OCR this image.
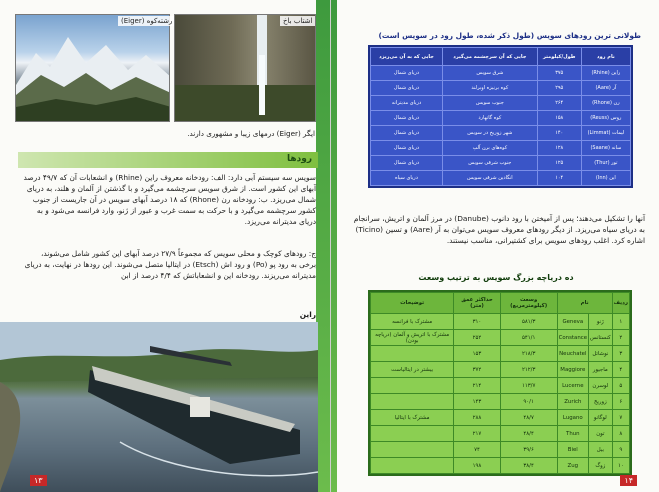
(Eiger) رشته‌کوه	اشتاب باخ
ایگر (Eiger) درمهای زیبا و مشهوری دارند.
رودها
سویس سه سیستم آبی دارد: الف: رودخانه معروف راین (Rhine) و انشعابات آن که ۴۹/۷ درصد آبهای این کشور است. از شرق سویس سرچشمه می‌گیرد و با گذشتن از آلمان و هلند، به دریای شمال می‌ریزد. ب: رودخانه رن (Rhone) که ۱۸ درصد آبهای سویس در آن جاریست از جنوب کشور سرچشمه می‌گیرد و با حرکت به سمت غرب و عبور از ژنو، وارد فرانسه می‌شود و به دریای مدیترانه می‌ریزد.
ج: رودهای کوچک و محلی سویس که مجموعاً ۲۷/۹ درصد آبهای این کشور شامل می‌شوند، برخی به رود پو (Po) و رود اش (Etsch) در ایتالیا متصل می‌شوند. این رودها در نهایت، به دریای مدیترانه می‌ریزند. رودخانه این و انشعاباتش که ۴/۴ درصد از ابن
راین
۱۳
طولانی ترین رودهای سویس (طول ذکر شده، طول رود در سویس است)
نام رود	طول/کیلومتر	جایی که آن سرچشمه می‌گیرد	جایی که به آن می‌ریزد
راین (Rhine)	۳۷۵	شرق سویس	دریای شمال
آر (Aare)	۲۹۵	کوه برنیزه اوبرلند	دریای شمال
رن (Rhone)	۲۶۴	جنوب سویس	دریای مدیترانه
روس (Reuss)	۱۵۸	کوه گاتهارد	دریای شمال
لیمات (Limmat)	۱۴۰	شهر زوریخ در سویس	دریای شمال
سانه (Saane)	۱۲۸	کوه‌های برن آلپ	دریای شمال
تور (Thur)	۱۲۵	جنوب شرقی سویس	دریای شمال
این (Inn)	۱۰۴	انگادین شرقی سویس	دریای سیاه
آنها را تشکیل می‌دهند؛ پس از آمیختن با رود دانوب (Danube) در مرز آلمان و اتریش، سرانجام به دریای سیاه می‌ریزد. از دیگر رودهای معروف سویس می‌توان به آر (Aare) و تسین (Ticino) اشاره کرد. اغلب رودهای سویس برای کشتیرانی، مناسب نیستند.
ده دریاچه بزرگ سویس به ترتیب وسعت
ردیف	نام		وسعت (کیلومترمربع)	حداکثر عمق (متر)	توضیحات
۱	ژنو	Geneva	۵۸۱/۳	۳۱۰	مشترک با فرانسه
۲	کنستانس	Constance	۵۴۱/۱	۲۵۲	مشترک با اتریش و آلمان (دریاچه بودن)
۳	نوشاتل	Neuchatel	۲۱۸/۳	۱۵۳	
۴	ماجیور	Maggiore	۲۱۲/۳	۳۷۲	بیشتر در ایتالیاست
۵	لوسرن	Lucerne	۱۱۳/۷	۲۱۴	
۶	زوریخ	Zurich	۹۰/۱	۱۴۳	
۷	لوگانو	Lugano	۴۸/۷	۲۸۸	مشترک با ایتالیا
۸	تون	Thun	۴۸/۴	۲۱۷	
۹	بیل	Biel	۳۹/۶	۷۴	
۱۰	زوگ	Zug	۳۸/۴	۱۹۸	
۱۴
